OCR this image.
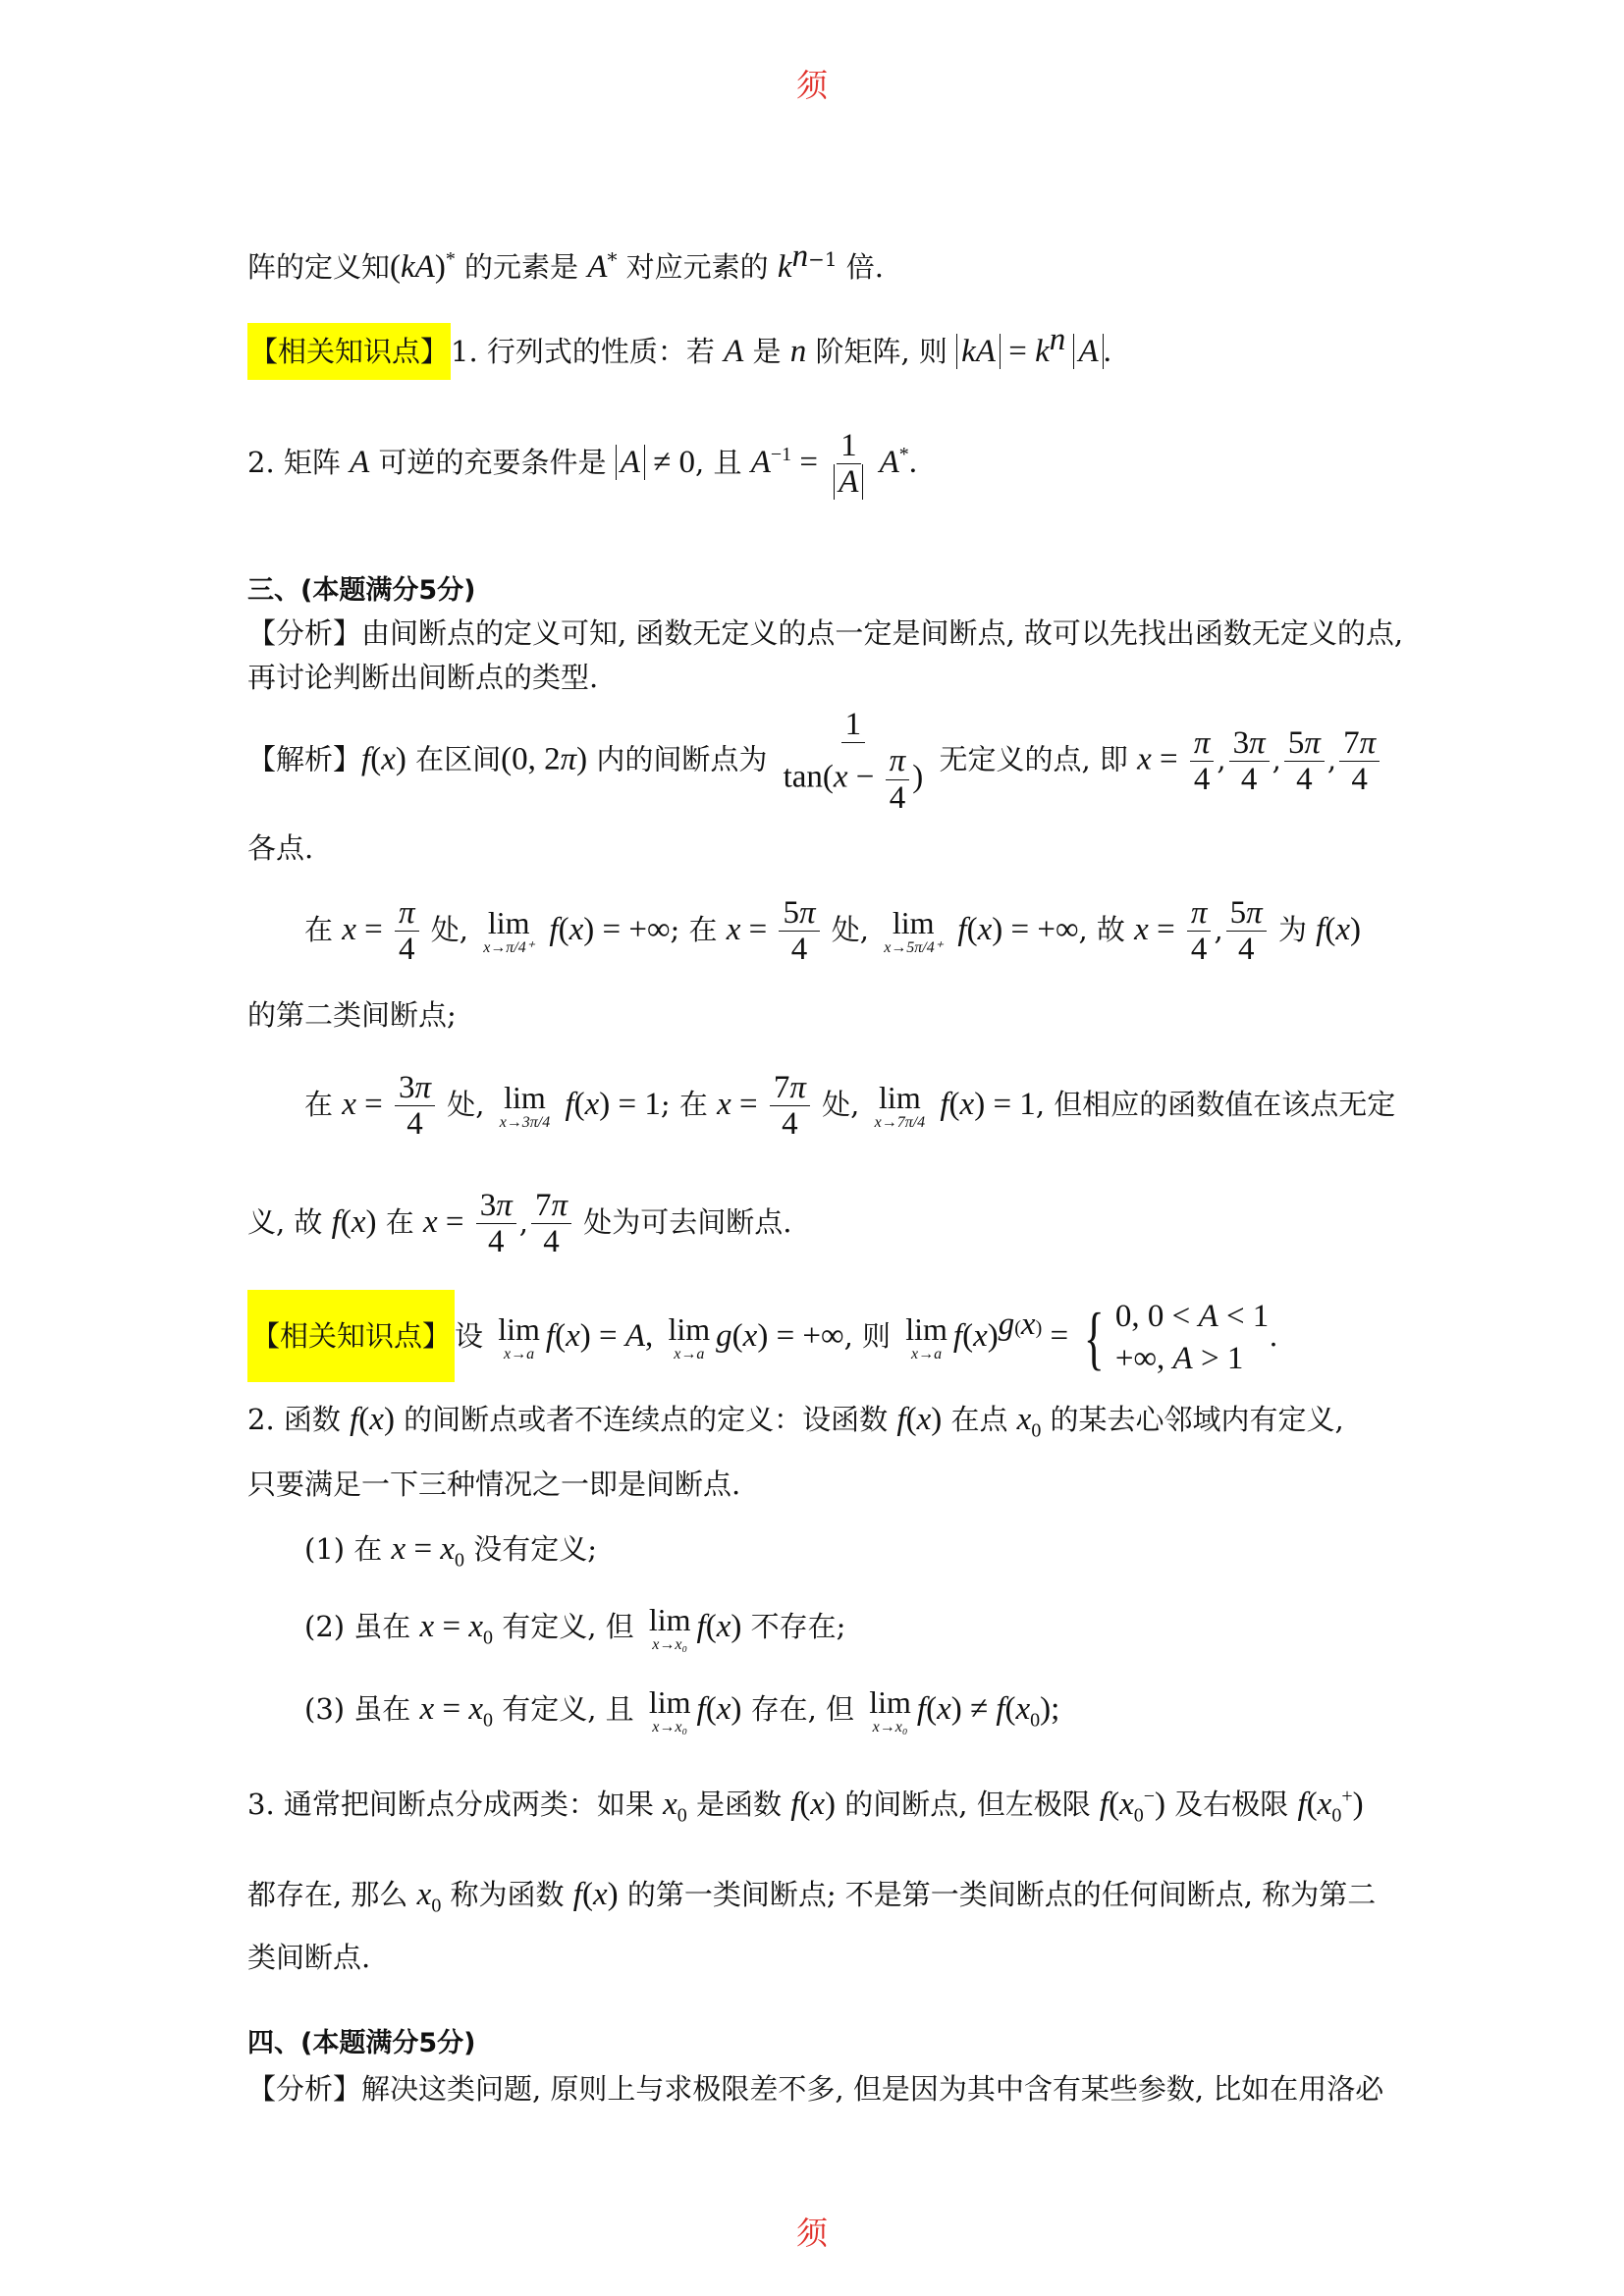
须
阵的定义知(kA)* 的元素是 A* 对应元素的 $k^{n-1}$ 倍.
【相关知识点】1. 行列式的性质：若 A 是 n 阶矩阵, 则 kA = $k^n$ A .
2. 矩阵 A 可逆的充要条件是 A ≠ 0, 且 $A^{-1} = \frac{1}{A} A^*$.
三、(本题满分5分)
【分析】由间断点的定义可知, 函数无定义的点一定是间断点, 故可以先找出函数无定义的点,
再讨论判断出间断点的类型.
【解析】f(x) 在区间(0, 2π) 内的间断点为 $\frac{1}{\tan(x - \frac{\pi}{4} )}$ 无定义的点, 即 $x = \frac{\pi}{4}$ , $\frac{3\pi}{4}$ , $\frac{5\pi}{4}$ , $\frac{7\pi}{4}$
各点.
在 $x = \frac{\pi}{4}$ 处, lim
x→π/4⁺
f(x) = +∞; 在 $x = \frac{5\pi}{4}$ 处, lim
x→5π/4⁺
f(x) = +∞, 故 $x = \frac{\pi}{4}$ , $\frac{5\pi}{4}$ 为 f(x)
的第二类间断点;
在 $x = \frac{3\pi}{4}$ 处, lim
x→3π/4
f(x) = 1; 在 $x = \frac{7\pi}{4}$ 处, lim
x→7π/4
f(x) = 1, 但相应的函数值在该点无定
义, 故 f(x) 在 $x = \frac{3\pi}{4}$ , $\frac{7\pi}{4}$ 处为可去间断点.
【相关知识点】 设 lim
x→a
f(x) = A, lim
x→a
g(x) = +∞, 则 lim
x→a
$f(x)^{g(x)}$ = { 0, 0 < A < 1
+∞, A > 1
.
2. 函数 f(x) 的间断点或者不连续点的定义：设函数 f(x) 在点 $x_0$ 的某去心邻域内有定义,
只要满足一下三种情况之一即是间断点.
(1) 在 $x = x_0$ 没有定义;
(2) 虽在 $x = x_0$ 有定义, 但 lim
x→x₀
f(x) 不存在;
(3) 虽在 $x = x_0$ 有定义, 且 lim
x→x₀
f(x) 存在, 但 lim
x→x₀
$f(x) \ne f(x_0)$;
3. 通常把间断点分成两类：如果 $x_0$ 是函数 f(x) 的间断点, 但左极限 $f(x_0^-)$ 及右极限 $f(x_0^+)$
都存在, 那么 $x_0$ 称为函数 f(x) 的第一类间断点; 不是第一类间断点的任何间断点, 称为第二
类间断点.
四、(本题满分5分)
【分析】解决这类问题, 原则上与求极限差不多, 但是因为其中含有某些参数, 比如在用洛必
须
